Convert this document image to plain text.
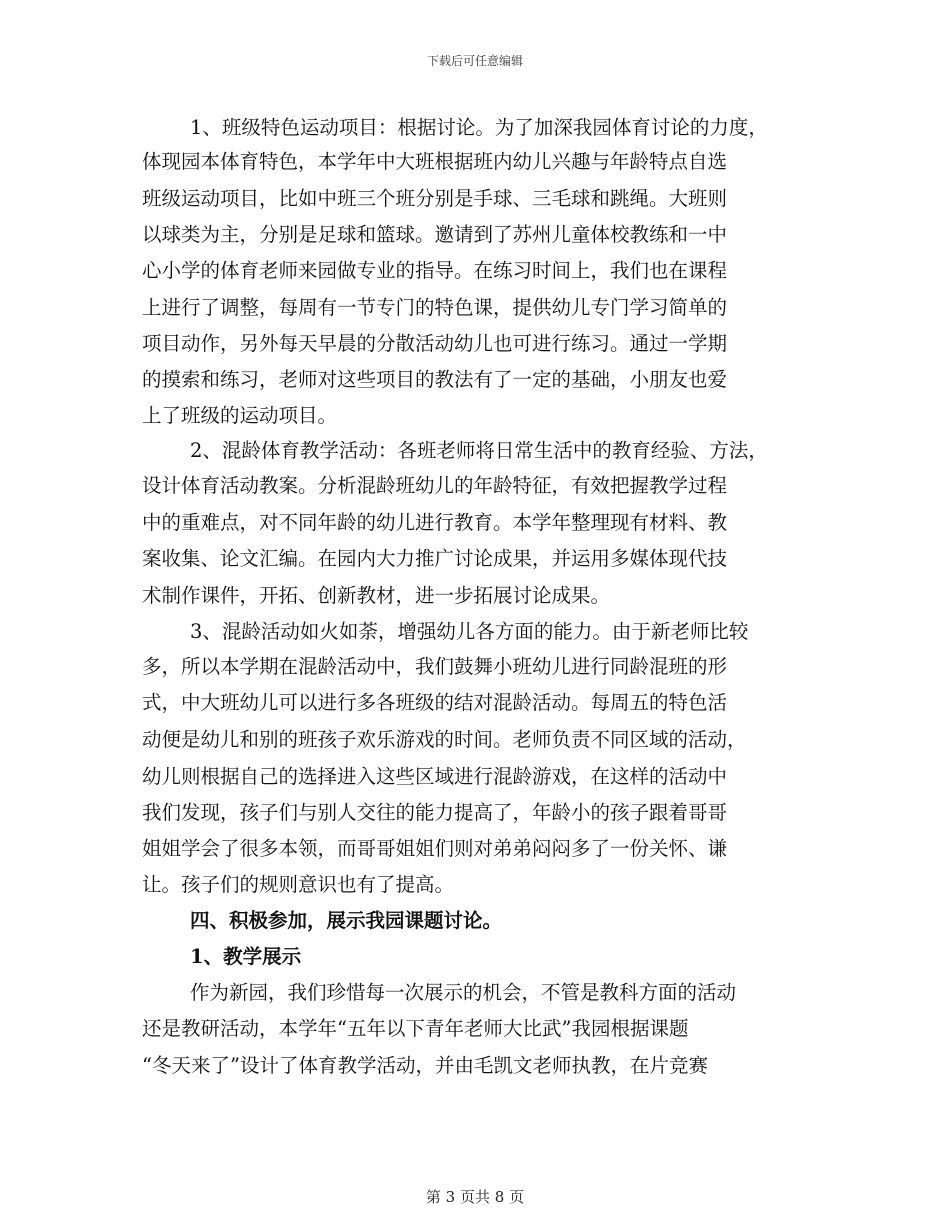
下载后可任意编辑
1、班级特色运动项目：根据讨论。为了加深我园体育讨论的力度，
体现园本体育特色，本学年中大班根据班内幼儿兴趣与年龄特点自选
班级运动项目，比如中班三个班分别是手球、三毛球和跳绳。大班则
以球类为主，分别是足球和篮球。邀请到了苏州儿童体校教练和一中
心小学的体育老师来园做专业的指导。在练习时间上，我们也在课程
上进行了调整，每周有一节专门的特色课，提供幼儿专门学习简单的
项目动作，另外每天早晨的分散活动幼儿也可进行练习。通过一学期
的摸索和练习，老师对这些项目的教法有了一定的基础，小朋友也爱
上了班级的运动项目。
2、混龄体育教学活动：各班老师将日常生活中的教育经验、方法，
设计体育活动教案。分析混龄班幼儿的年龄特征，有效把握教学过程
中的重难点，对不同年龄的幼儿进行教育。本学年整理现有材料、教
案收集、论文汇编。在园内大力推广讨论成果，并运用多媒体现代技
术制作课件，开拓、创新教材，进一步拓展讨论成果。
3、混龄活动如火如荼，增强幼儿各方面的能力。由于新老师比较
多，所以本学期在混龄活动中，我们鼓舞小班幼儿进行同龄混班的形
式，中大班幼儿可以进行多各班级的结对混龄活动。每周五的特色活
动便是幼儿和别的班孩子欢乐游戏的时间。老师负责不同区域的活动，
幼儿则根据自己的选择进入这些区域进行混龄游戏，在这样的活动中
我们发现，孩子们与别人交往的能力提高了，年龄小的孩子跟着哥哥
姐姐学会了很多本领，而哥哥姐姐们则对弟弟闷闷多了一份关怀、谦
让。孩子们的规则意识也有了提高。
四、积极参加，展示我园课题讨论。
1、教学展示
作为新园，我们珍惜每一次展示的机会，不管是教科方面的活动
还是教研活动，本学年“五年以下青年老师大比武”我园根据课题
“冬天来了”设计了体育教学活动，并由毛凯文老师执教，在片竞赛
第 3 页共 8 页
